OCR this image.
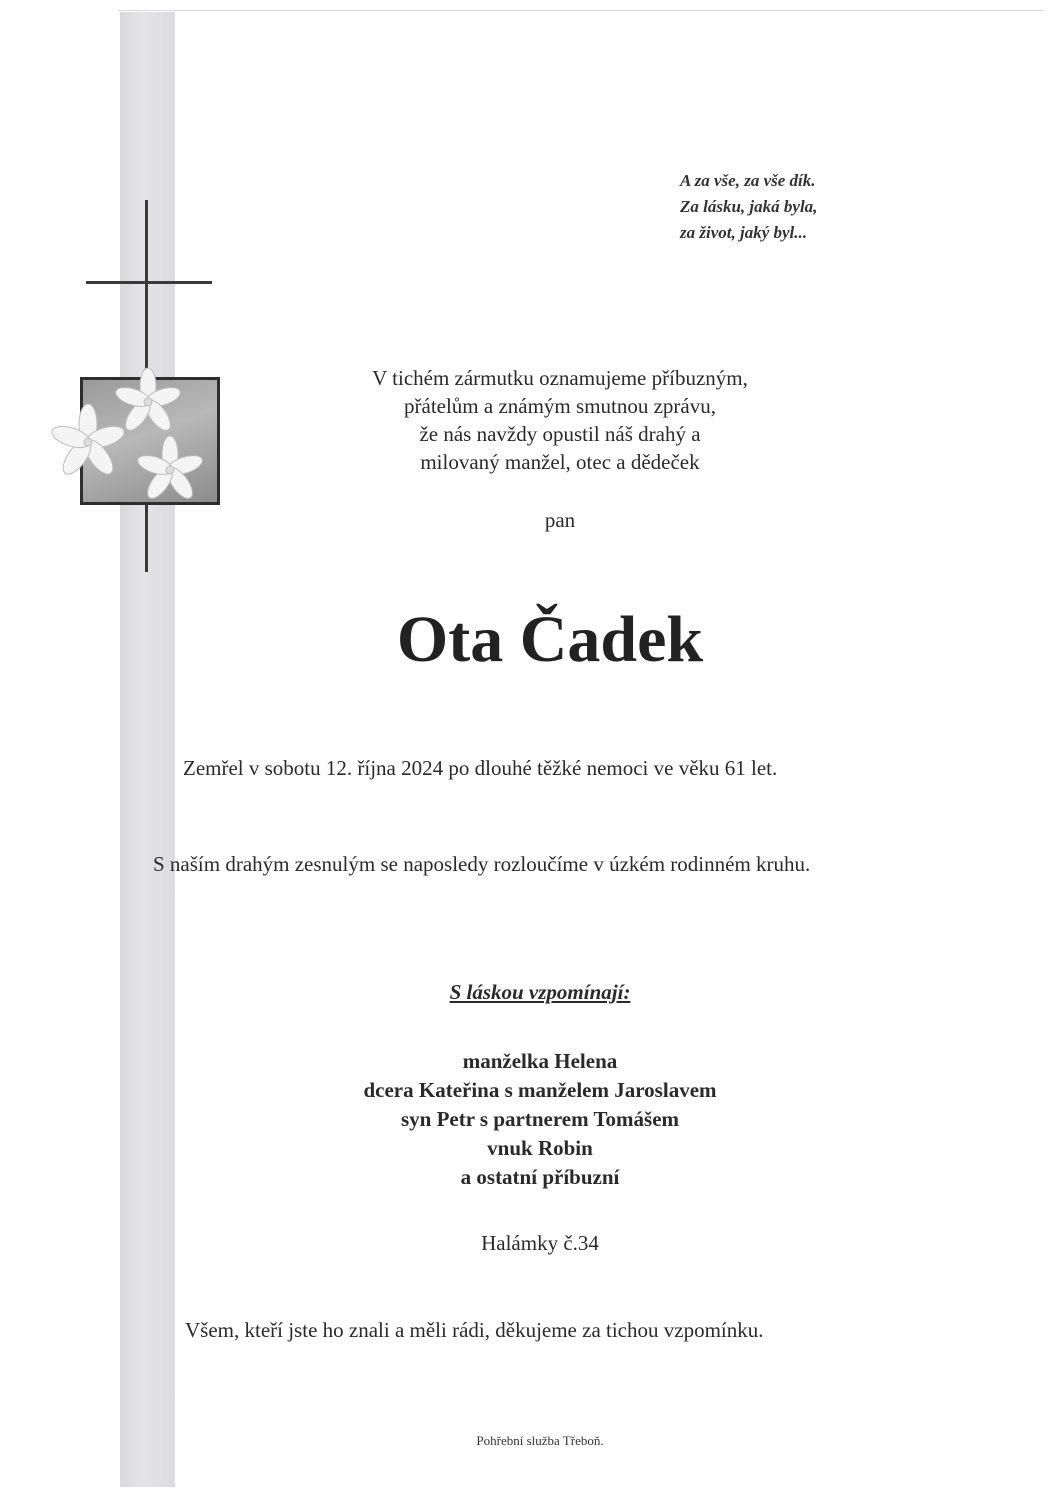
A za vše, za vše dík.
Za lásku, jaká byla,
za život, jaký byl...
V tichém zármutku oznamujeme příbuzným,
přátelům a známým smutnou zprávu,
že nás navždy opustil náš drahý a
milovaný manžel, otec a dědeček
pan
Ota Čadek
Zemřel v sobotu 12. října 2024 po dlouhé těžké nemoci ve věku 61 let.
S naším drahým zesnulým se naposledy rozloučíme v úzkém rodinném kruhu.
S láskou vzpomínají:
manželka Helena
dcera Kateřina s manželem Jaroslavem
syn Petr s partnerem Tomášem
vnuk Robin
a ostatní příbuzní
Halámky č.34
Všem, kteří jste ho znali a měli rádi, děkujeme za tichou vzpomínku.
Pohřební služba Třeboň.
